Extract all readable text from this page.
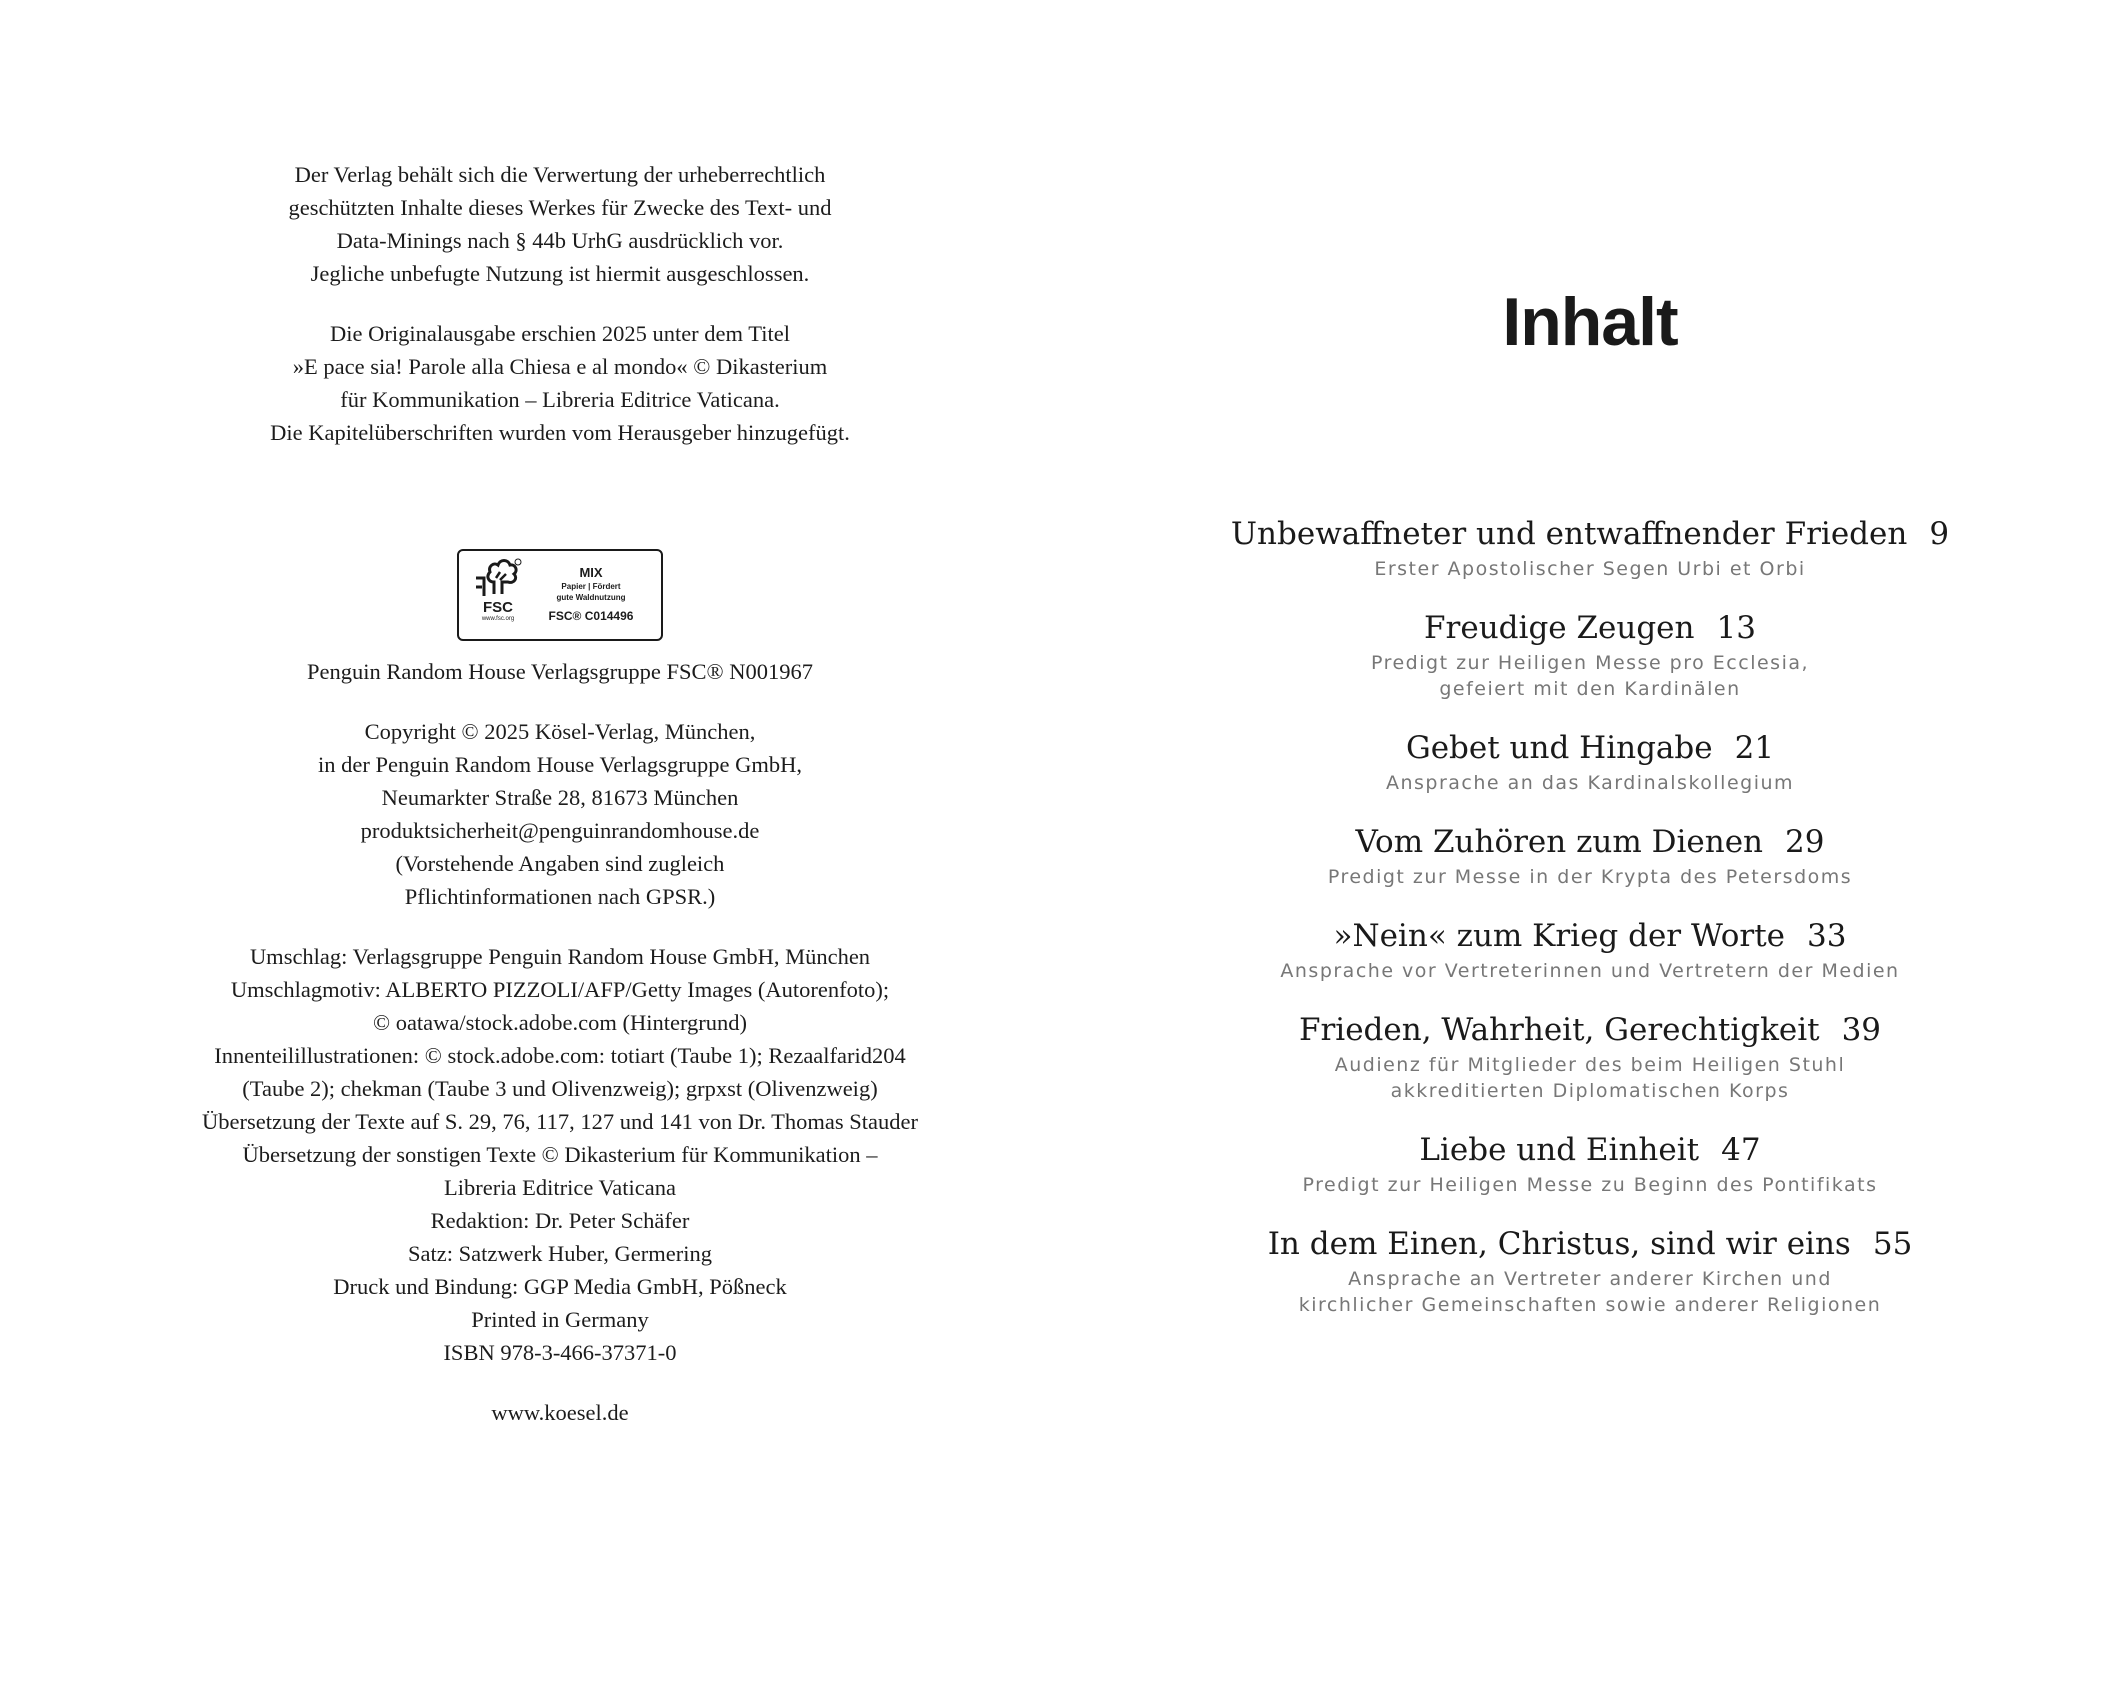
Der Verlag behält sich die Verwertung der urheberrechtlich
geschützten Inhalte dieses Werkes für Zwecke des Text- und
Data-Minings nach § 44b UrhG ausdrücklich vor.
Jegliche unbefugte Nutzung ist hiermit ausgeschlossen.
Die Originalausgabe erschien 2025 unter dem Titel
»E pace sia! Parole alla Chiesa e al mondo« © Dikasterium
für Kommunikation – Libreria Editrice Vaticana.
Die Kapitelüberschriften wurden vom Herausgeber hinzugefügt.
FSC
www.fsc.org
MIX
Papier | Fördert
gute Waldnutzung
FSC® C014496
Penguin Random House Verlagsgruppe FSC® N001967
Copyright © 2025 Kösel-Verlag, München,
in der Penguin Random House Verlagsgruppe GmbH,
Neumarkter Straße 28, 81673 München
produktsicherheit@penguinrandomhouse.de
(Vorstehende Angaben sind zugleich
Pflichtinformationen nach GPSR.)
Umschlag: Verlagsgruppe Penguin Random House GmbH, München
Umschlagmotiv: ALBERTO PIZZOLI/AFP/Getty Images (Autorenfoto);
© oatawa/stock.adobe.com (Hintergrund)
Innenteilillustrationen: © stock.adobe.com: totiart (Taube 1); Rezaalfarid204
(Taube 2); chekman (Taube 3 und Olivenzweig); grpxst (Olivenzweig)
Übersetzung der Texte auf S. 29, 76, 117, 127 und 141 von Dr. Thomas Stauder
Übersetzung der sonstigen Texte © Dikasterium für Kommunikation –
Libreria Editrice Vaticana
Redaktion: Dr. Peter Schäfer
Satz: Satzwerk Huber, Germering
Druck und Bindung: GGP Media GmbH, Pößneck
Printed in Germany
ISBN 978-3-466-37371-0
www.koesel.de
Inhalt
Unbewaffneter und entwaffnender Frieden 9
Erster Apostolischer Segen Urbi et Orbi
Freudige Zeugen 13
Predigt zur Heiligen Messe pro Ecclesia,
gefeiert mit den Kardinälen
Gebet und Hingabe 21
Ansprache an das Kardinalskollegium
Vom Zuhören zum Dienen 29
Predigt zur Messe in der Krypta des Petersdoms
»Nein« zum Krieg der Worte 33
Ansprache vor Vertreterinnen und Vertretern der Medien
Frieden, Wahrheit, Gerechtigkeit 39
Audienz für Mitglieder des beim Heiligen Stuhl
akkreditierten Diplomatischen Korps
Liebe und Einheit 47
Predigt zur Heiligen Messe zu Beginn des Pontifikats
In dem Einen, Christus, sind wir eins 55
Ansprache an Vertreter anderer Kirchen und
kirchlicher Gemeinschaften sowie anderer Religionen
